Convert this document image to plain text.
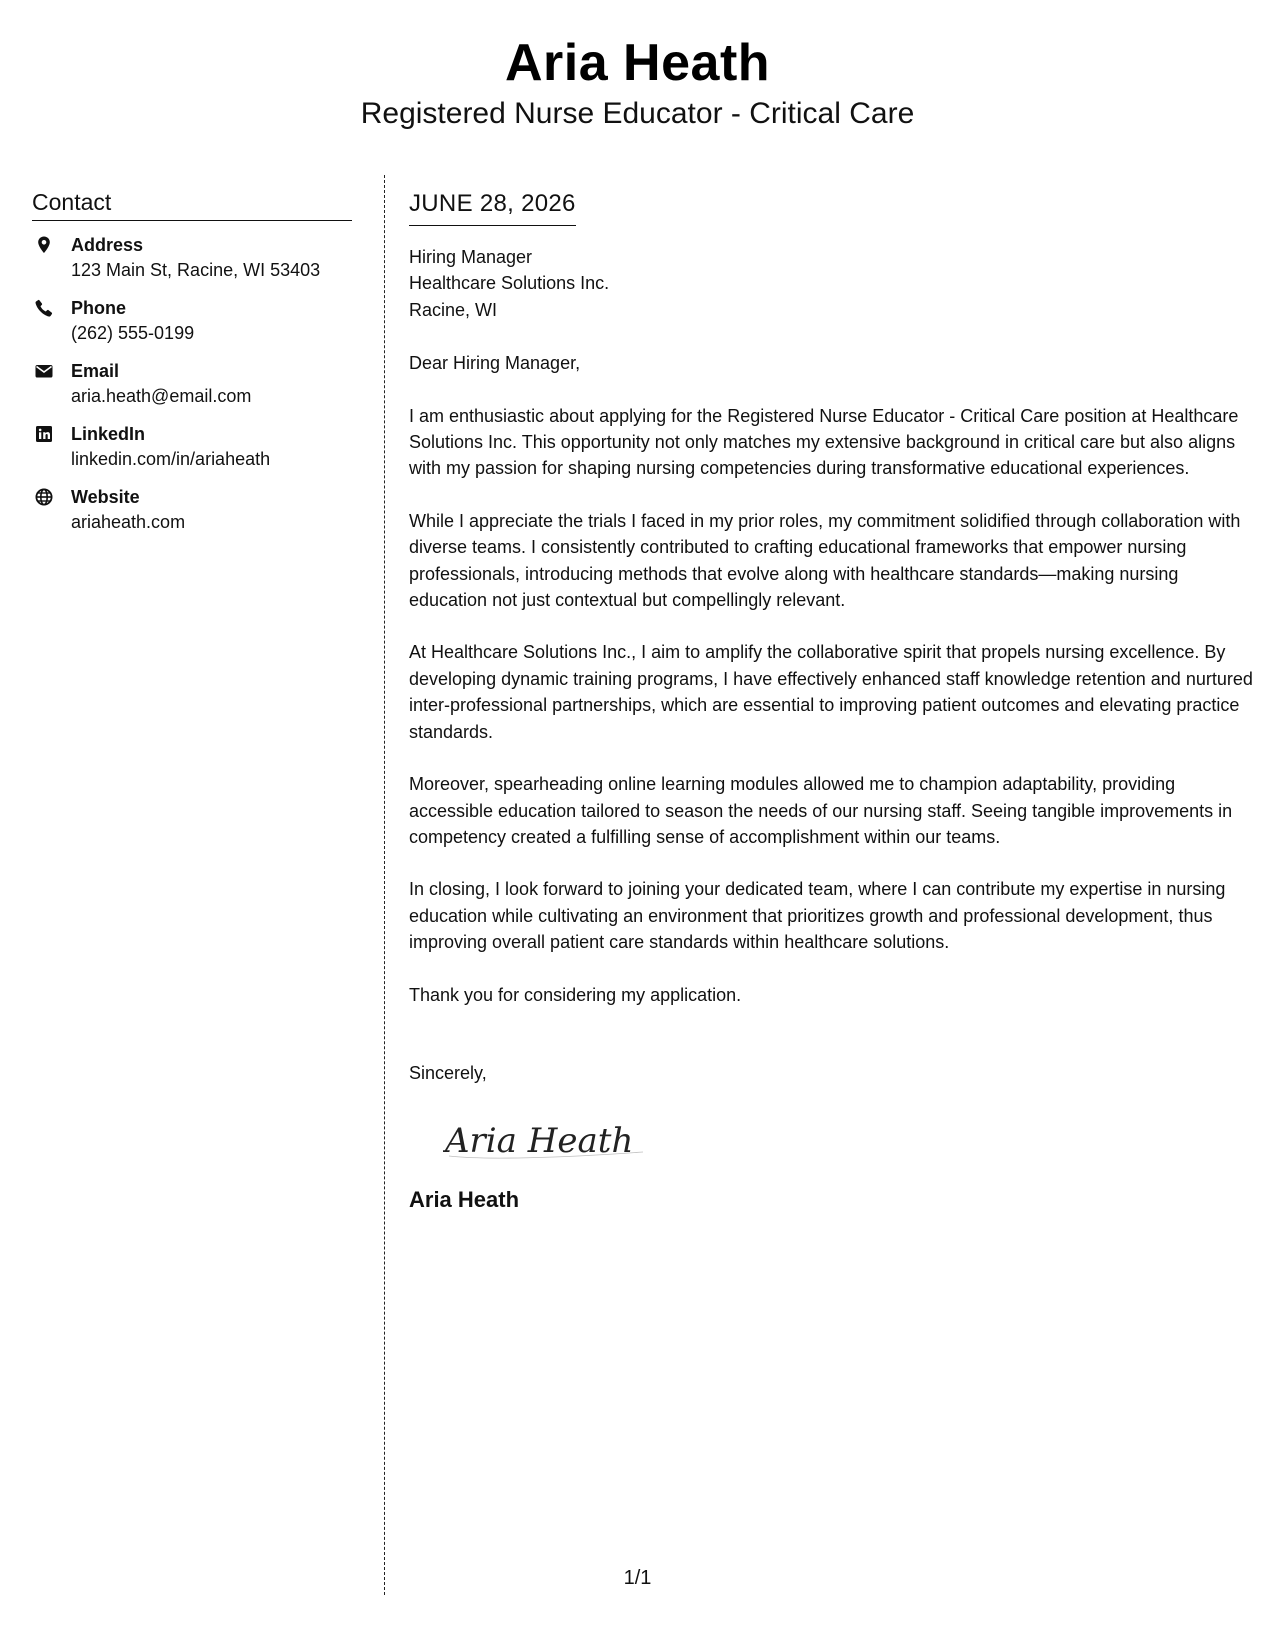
Aria Heath
Registered Nurse Educator - Critical Care
Contact
Address
123 Main St, Racine, WI 53403
Phone
(262) 555-0199
Email
aria.heath@email.com
LinkedIn
linkedin.com/in/ariaheath
Website
ariaheath.com
JUNE 28, 2026
Hiring Manager
Healthcare Solutions Inc.
Racine, WI
Dear Hiring Manager,
I am enthusiastic about applying for the Registered Nurse Educator - Critical Care position at Healthcare Solutions Inc. This opportunity not only matches my extensive background in critical care but also aligns with my passion for shaping nursing competencies during transformative educational experiences.
While I appreciate the trials I faced in my prior roles, my commitment solidified through collaboration with diverse teams. I consistently contributed to crafting educational frameworks that empower nursing professionals, introducing methods that evolve along with healthcare standards—making nursing education not just contextual but compellingly relevant.
At Healthcare Solutions Inc., I aim to amplify the collaborative spirit that propels nursing excellence. By developing dynamic training programs, I have effectively enhanced staff knowledge retention and nurtured inter-professional partnerships, which are essential to improving patient outcomes and elevating practice standards.
Moreover, spearheading online learning modules allowed me to champion adaptability, providing accessible education tailored to season the needs of our nursing staff. Seeing tangible improvements in competency created a fulfilling sense of accomplishment within our teams.
In closing, I look forward to joining your dedicated team, where I can contribute my expertise in nursing education while cultivating an environment that prioritizes growth and professional development, thus improving overall patient care standards within healthcare solutions.
Thank you for considering my application.
Sincerely,
Aria Heath
Aria Heath
1/1
